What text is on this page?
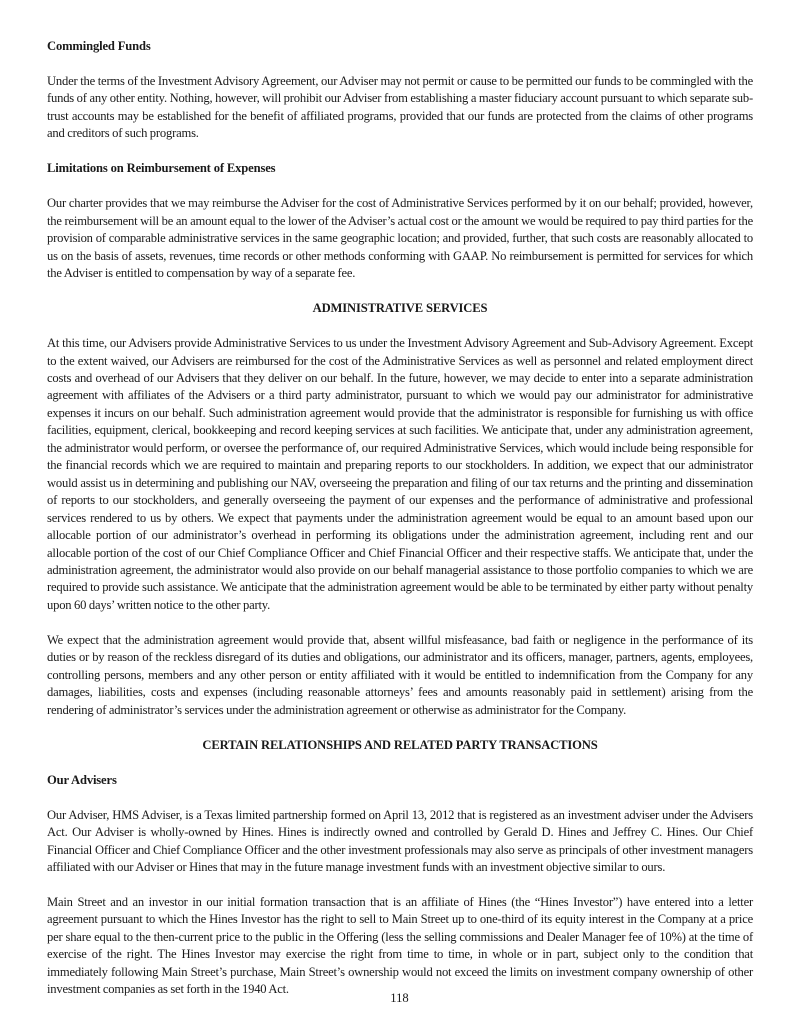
Commingled Funds

Under the terms of the Investment Advisory Agreement, our Adviser may not permit or cause to be permitted our funds to be commingled with the funds of any other entity. Nothing, however, will prohibit our Adviser from establishing a master fiduciary account pursuant to which separate sub-trust accounts may be established for the benefit of affiliated programs, provided that our funds are protected from the claims of other programs and creditors of such programs.

Limitations on Reimbursement of Expenses

Our charter provides that we may reimburse the Adviser for the cost of Administrative Services performed by it on our behalf; provided, however, the reimbursement will be an amount equal to the lower of the Adviser’s actual cost or the amount we would be required to pay third parties for the provision of comparable administrative services in the same geographic location; and provided, further, that such costs are reasonably allocated to us on the basis of assets, revenues, time records or other methods conforming with GAAP. No reimbursement is permitted for services for which the Adviser is entitled to compensation by way of a separate fee.

ADMINISTRATIVE SERVICES

At this time, our Advisers provide Administrative Services to us under the Investment Advisory Agreement and Sub-Advisory Agreement. Except to the extent waived, our Advisers are reimbursed for the cost of the Administrative Services as well as personnel and related employment direct costs and overhead of our Advisers that they deliver on our behalf. In the future, however, we may decide to enter into a separate administration agreement with affiliates of the Advisers or a third party administrator, pursuant to which we would pay our administrator for administrative expenses it incurs on our behalf. Such administration agreement would provide that the administrator is responsible for furnishing us with office facilities, equipment, clerical, bookkeeping and record keeping services at such facilities. We anticipate that, under any administration agreement, the administrator would perform, or oversee the performance of, our required Administrative Services, which would include being responsible for the financial records which we are required to maintain and preparing reports to our stockholders. In addition, we expect that our administrator would assist us in determining and publishing our NAV, overseeing the preparation and filing of our tax returns and the printing and dissemination of reports to our stockholders, and generally overseeing the payment of our expenses and the performance of administrative and professional services rendered to us by others. We expect that payments under the administration agreement would be equal to an amount based upon our allocable portion of our administrator’s overhead in performing its obligations under the administration agreement, including rent and our allocable portion of the cost of our Chief Compliance Officer and Chief Financial Officer and their respective staffs. We anticipate that, under the administration agreement, the administrator would also provide on our behalf managerial assistance to those portfolio companies to which we are required to provide such assistance. We anticipate that the administration agreement would be able to be terminated by either party without penalty upon 60 days’ written notice to the other party.

We expect that the administration agreement would provide that, absent willful misfeasance, bad faith or negligence in the performance of its duties or by reason of the reckless disregard of its duties and obligations, our administrator and its officers, manager, partners, agents, employees, controlling persons, members and any other person or entity affiliated with it would be entitled to indemnification from the Company for any damages, liabilities, costs and expenses (including reasonable attorneys’ fees and amounts reasonably paid in settlement) arising from the rendering of administrator’s services under the administration agreement or otherwise as administrator for the Company.

CERTAIN RELATIONSHIPS AND RELATED PARTY TRANSACTIONS
Our Advisers

Our Adviser, HMS Adviser, is a Texas limited partnership formed on April 13, 2012 that is registered as an investment adviser under the Advisers Act. Our Adviser is wholly-owned by Hines. Hines is indirectly owned and controlled by Gerald D. Hines and Jeffrey C. Hines. Our Chief Financial Officer and Chief Compliance Officer and the other investment professionals may also serve as principals of other investment managers affiliated with our Adviser or Hines that may in the future manage investment funds with an investment objective similar to ours.

Main Street and an investor in our initial formation transaction that is an affiliate of Hines (the “Hines Investor”) have entered into a letter agreement pursuant to which the Hines Investor has the right to sell to Main Street up to one-third of its equity interest in the Company at a price per share equal to the then-current price to the public in the Offering (less the selling commissions and Dealer Manager fee of 10%) at the time of exercise of the right. The Hines Investor may exercise the right from time to time, in whole or in part, subject only to the condition that immediately following Main Street’s purchase, Main Street’s ownership would not exceed the limits on investment company ownership of other investment companies as set forth in the 1940 Act.

118
